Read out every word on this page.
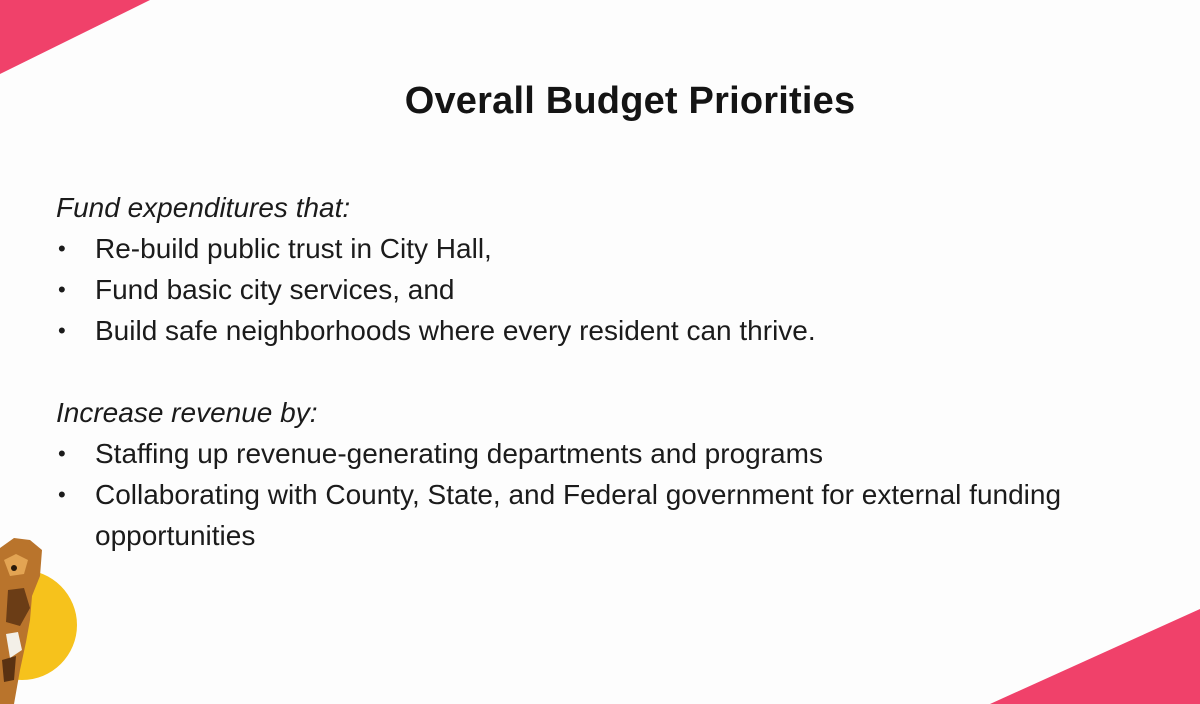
Overall Budget Priorities
Fund expenditures that:
• Re-build public trust in City Hall,
• Fund basic city services, and
• Build safe neighborhoods where every resident can thrive.
Increase revenue by:
• Staffing up revenue-generating departments and programs
• Collaborating with County, State, and Federal government for external funding opportunities
